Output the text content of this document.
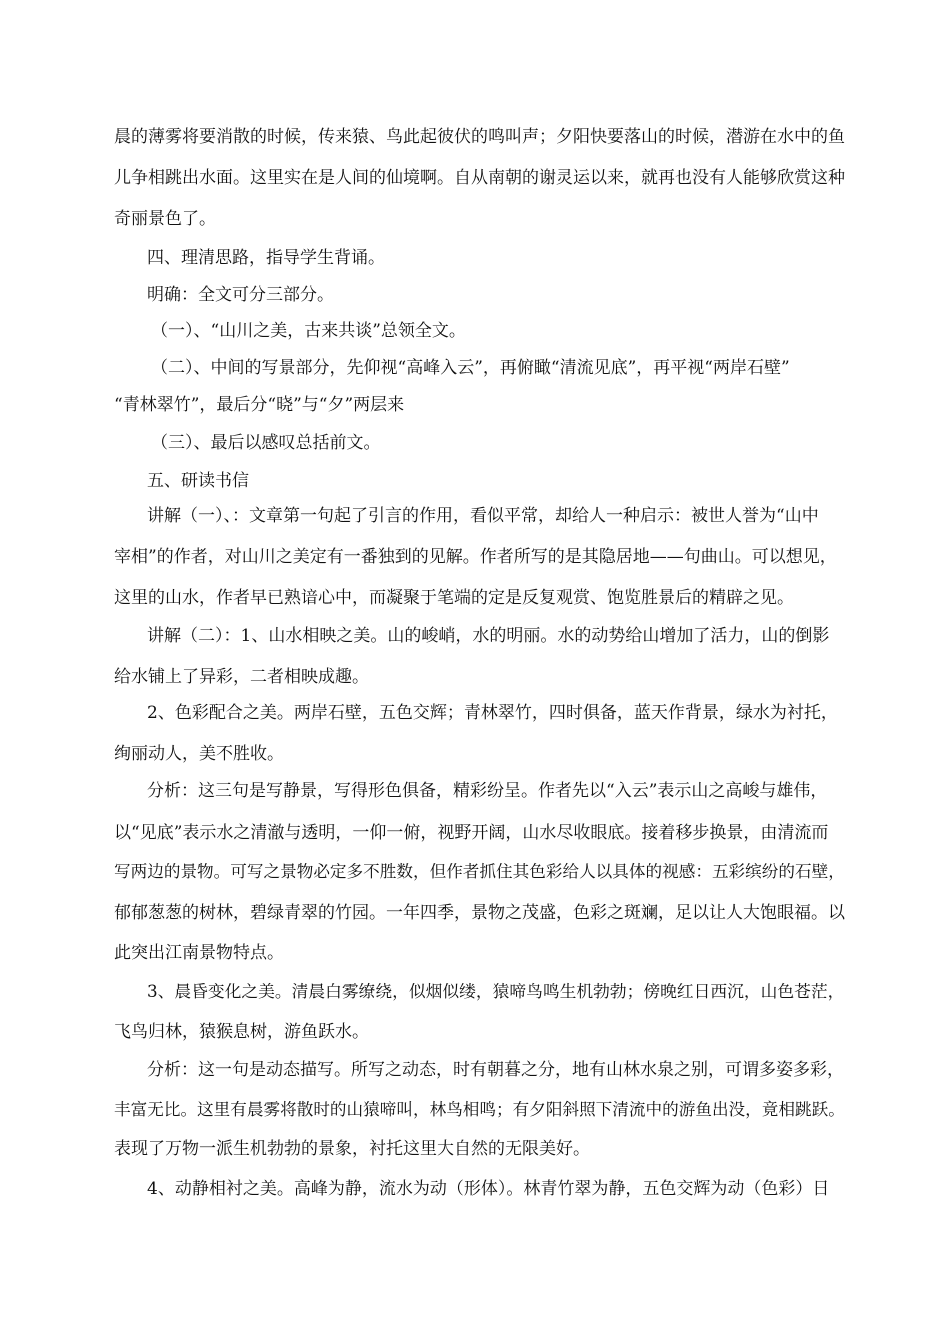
晨的薄雾将要消散的时候，传来猿、鸟此起彼伏的鸣叫声；夕阳快要落山的时候，潜游在水中的鱼

儿争相跳出水面。这里实在是人间的仙境啊。自从南朝的谢灵运以来，就再也没有人能够欣赏这种

奇丽景色了。

四、理清思路，指导学生背诵。

明确：全文可分三部分。

（一）、“山川之美，古来共谈”总领全文。

（二）、中间的写景部分，先仰视“高峰入云”，再俯瞰“清流见底”，再平视“两岸石壁”

“青林翠竹”，最后分“晓”与“夕”两层来

（三）、最后以感叹总括前文。

五、研读书信

讲解（一）、：文章第一句起了引言的作用，看似平常，却给人一种启示：被世人誉为“山中

宰相”的作者，对山川之美定有一番独到的见解。作者所写的是其隐居地——句曲山。可以想见，

这里的山水，作者早已熟谙心中，而凝聚于笔端的定是反复观赏、饱览胜景后的精辟之见。

讲解（二）：1、山水相映之美。山的峻峭，水的明丽。水的动势给山增加了活力，山的倒影

给水铺上了异彩，二者相映成趣。

2、色彩配合之美。两岸石壁，五色交辉；青林翠竹，四时俱备，蓝天作背景，绿水为衬托，

绚丽动人，美不胜收。

分析：这三句是写静景，写得形色俱备，精彩纷呈。作者先以“入云”表示山之高峻与雄伟，

以“见底”表示水之清澈与透明，一仰一俯，视野开阔，山水尽收眼底。接着移步换景，由清流而

写两边的景物。可写之景物必定多不胜数，但作者抓住其色彩给人以具体的视感：五彩缤纷的石壁，

郁郁葱葱的树林，碧绿青翠的竹园。一年四季，景物之茂盛，色彩之斑斓，足以让人大饱眼福。以

此突出江南景物特点。

3、晨昏变化之美。清晨白雾缭绕，似烟似缕，猿啼鸟鸣生机勃勃；傍晚红日西沉，山色苍茫，

飞鸟归林，猿猴息树，游鱼跃水。

分析：这一句是动态描写。所写之动态，时有朝暮之分，地有山林水泉之别，可谓多姿多彩，

丰富无比。这里有晨雾将散时的山猿啼叫，林鸟相鸣；有夕阳斜照下清流中的游鱼出没，竟相跳跃。

表现了万物一派生机勃勃的景象，衬托这里大自然的无限美好。

4、动静相衬之美。高峰为静，流水为动（形体）。林青竹翠为静，五色交辉为动（色彩）日
